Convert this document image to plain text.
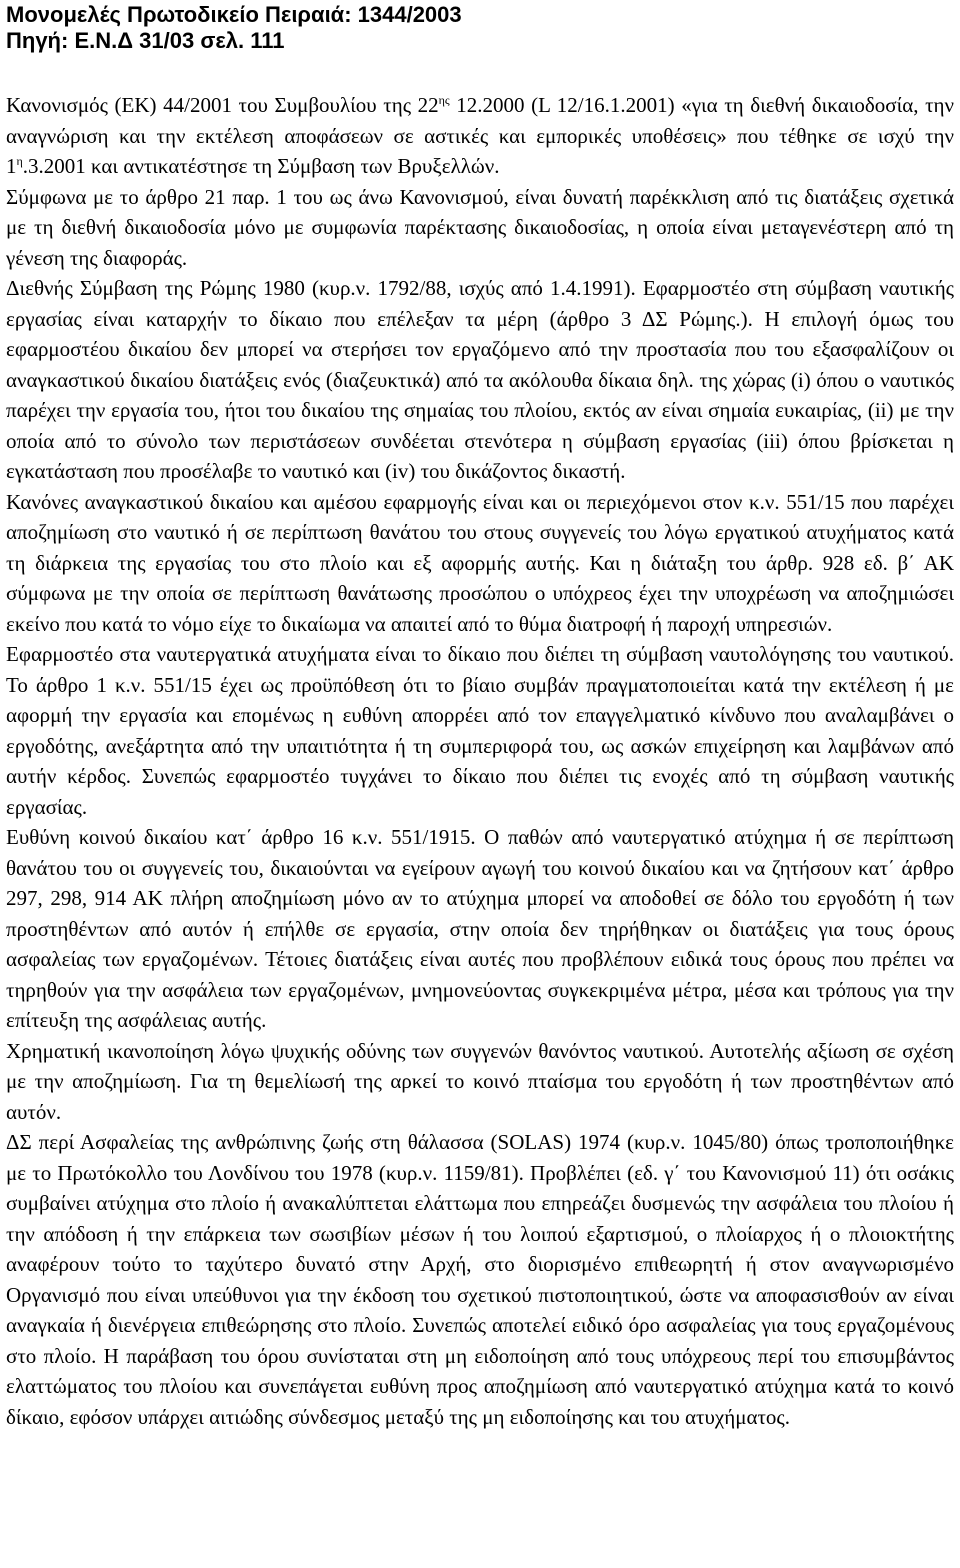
Μονομελές Πρωτοδικείο Πειραιά: 1344/2003
Πηγή: Ε.Ν.Δ 31/03 σελ. 111

Κανονισμός (ΕΚ) 44/2001 του Συμβουλίου της $22^{\eta\varsigma}$ 12.2000 (L 12/16.1.2001) «για τη διεθνή δικαιοδοσία, την αναγνώριση και την εκτέλεση αποφάσεων σε αστικές και εμπορικές υποθέσεις» που τέθηκε σε ισχύ την $1^\eta.3.2001$ και αντικατέστησε τη Σύμβαση των Βρυξελλών.

Σύμφωνα με το άρθρο 21 παρ. 1 του ως άνω Κανονισμού, είναι δυνατή παρέκκλιση από τις διατάξεις σχετικά με τη διεθνή δικαιοδοσία μόνο με συμφωνία παρέκτασης δικαιοδοσίας, η οποία είναι μεταγενέστερη από τη γένεση της διαφοράς.

Διεθνής Σύμβαση της Ρώμης 1980 (κυρ.ν. 1792/88, ισχύς από 1.4.1991). Εφαρμοστέο στη σύμβαση ναυτικής εργασίας είναι καταρχήν το δίκαιο που επέλεξαν τα μέρη (άρθρο 3 ΔΣ Ρώμης.). Η επιλογή όμως του εφαρμοστέου δικαίου δεν μπορεί να στερήσει τον εργαζόμενο από την προστασία που του εξασφαλίζουν οι αναγκαστικού δικαίου διατάξεις ενός (διαζευκτικά) από τα ακόλουθα δίκαια δηλ. της χώρας (i) όπου ο ναυτικός παρέχει την εργασία του, ήτοι του δικαίου της σημαίας του πλοίου, εκτός αν είναι σημαία ευκαιρίας, (ii) με την οποία από το σύνολο των περιστάσεων συνδέεται στενότερα η σύμβαση εργασίας (iii) όπου βρίσκεται η εγκατάσταση που προσέλαβε το ναυτικό και (iv) του δικάζοντος δικαστή.

Κανόνες αναγκαστικού δικαίου και αμέσου εφαρμογής είναι και οι περιεχόμενοι στον κ.ν. 551/15 που παρέχει αποζημίωση στο ναυτικό ή σε περίπτωση θανάτου του στους συγγενείς του λόγω εργατικού ατυχήματος κατά τη διάρκεια της εργασίας του στο πλοίο και εξ αφορμής αυτής. Και η διάταξη του άρθρ. 928 εδ. β΄ ΑΚ σύμφωνα με την οποία σε περίπτωση θανάτωσης προσώπου ο υπόχρεος έχει την υποχρέωση να αποζημιώσει εκείνο που κατά το νόμο είχε το δικαίωμα να απαιτεί από το θύμα διατροφή ή παροχή υπηρεσιών.

Εφαρμοστέο στα ναυτεργατικά ατυχήματα είναι το δίκαιο που διέπει τη σύμβαση ναυτολόγησης του ναυτικού. Το άρθρο 1 κ.ν. 551/15 έχει ως προϋπόθεση ότι το βίαιο συμβάν πραγματοποιείται κατά την εκτέλεση ή με αφορμή την εργασία και επομένως η ευθύνη απορρέει από τον επαγγελματικό κίνδυνο που αναλαμβάνει ο εργοδότης, ανεξάρτητα από την υπαιτιότητα ή τη συμπεριφορά του, ως ασκών επιχείρηση και λαμβάνων από αυτήν κέρδος. Συνεπώς εφαρμοστέο τυγχάνει το δίκαιο που διέπει τις ενοχές από τη σύμβαση ναυτικής εργασίας.

Ευθύνη κοινού δικαίου κατ΄ άρθρο 16 κ.ν. 551/1915. Ο παθών από ναυτεργατικό ατύχημα ή σε περίπτωση θανάτου του οι συγγενείς του, δικαιούνται να εγείρουν αγωγή του κοινού δικαίου και να ζητήσουν κατ΄ άρθρο 297, 298, 914 ΑΚ πλήρη αποζημίωση μόνο αν το ατύχημα μπορεί να αποδοθεί σε δόλο του εργοδότη ή των προστηθέντων από αυτόν ή επήλθε σε εργασία, στην οποία δεν τηρήθηκαν οι διατάξεις για τους όρους ασφαλείας των εργαζομένων. Τέτοιες διατάξεις είναι αυτές που προβλέπουν ειδικά τους όρους που πρέπει να τηρηθούν για την ασφάλεια των εργαζομένων, μνημονεύοντας συγκεκριμένα μέτρα, μέσα και τρόπους για την επίτευξη της ασφάλειας αυτής.

Χρηματική ικανοποίηση λόγω ψυχικής οδύνης των συγγενών θανόντος ναυτικού. Αυτοτελής αξίωση σε σχέση με την αποζημίωση. Για τη θεμελίωσή της αρκεί το κοινό πταίσμα του εργοδότη ή των προστηθέντων από αυτόν.

ΔΣ περί Ασφαλείας της ανθρώπινης ζωής στη θάλασσα (SOLAS) 1974 (κυρ.ν. 1045/80) όπως τροποποιήθηκε με το Πρωτόκολλο του Λονδίνου του 1978 (κυρ.ν. 1159/81). Προβλέπει (εδ. γ΄ του Κανονισμού 11) ότι οσάκις συμβαίνει ατύχημα στο πλοίο ή ανακαλύπτεται ελάττωμα που επηρεάζει δυσμενώς την ασφάλεια του πλοίου ή την απόδοση ή την επάρκεια των σωσιβίων μέσων ή του λοιπού εξαρτισμού, ο πλοίαρχος ή ο πλοιοκτήτης αναφέρουν τούτο το ταχύτερο δυνατό στην Αρχή, στο διορισμένο επιθεωρητή ή στον αναγνωρισμένο Οργανισμό που είναι υπεύθυνοι για την έκδοση του σχετικού πιστοποιητικού, ώστε να αποφασισθούν αν είναι αναγκαία ή διενέργεια επιθεώρησης στο πλοίο. Συνεπώς αποτελεί ειδικό όρο ασφαλείας για τους εργαζομένους στο πλοίο. Η παράβαση του όρου συνίσταται στη μη ειδοποίηση από τους υπόχρεους περί του επισυμβάντος ελαττώματος του πλοίου και συνεπάγεται ευθύνη προς αποζημίωση από ναυτεργατικό ατύχημα κατά το κοινό δίκαιο, εφόσον υπάρχει αιτιώδης σύνδεσμος μεταξύ της μη ειδοποίησης και του ατυχήματος.
